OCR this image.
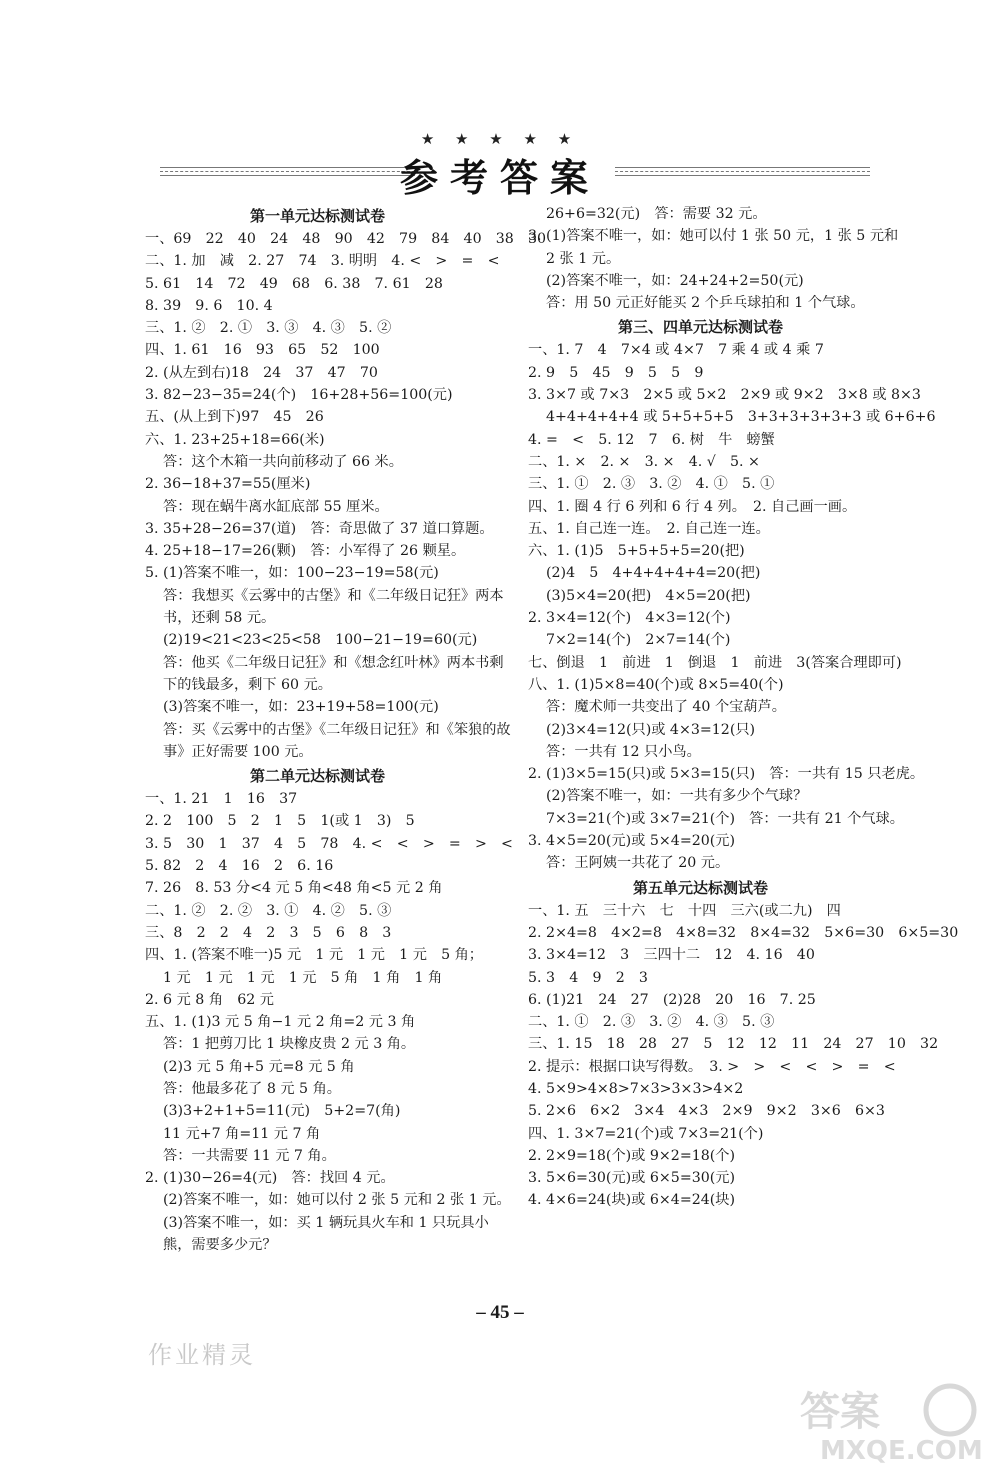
★ ★ ★ ★ ★
参考答案
第一单元达标测试卷
一、69　22　40　24　48　90　42　79　84　40　38　30
二、1. 加　减　2. 27　74　3. 明明　4. <　>　=　<
5. 61　14　72　49　68　6. 38　7. 61　28
8. 39　9. 6　10. 4
三、1. ②　2. ①　3. ③　4. ③　5. ②
四、1. 61　16　93　65　52　100
2. (从左到右)18　24　37　47　70
3. 82−23−35=24(个)　16+28+56=100(元)
五、(从上到下)97　45　26
六、1. 23+25+18=66(米)
答：这个木箱一共向前移动了 66 米。
2. 36−18+37=55(厘米)
答：现在蜗牛离水缸底部 55 厘米。
3. 35+28−26=37(道)　答：奇思做了 37 道口算题。
4. 25+18−17=26(颗)　答：小军得了 26 颗星。
5. (1)答案不唯一，如：100−23−19=58(元)
答：我想买《云雾中的古堡》和《二年级日记狂》两本
书，还剩 58 元。
(2)19<21<23<25<58　100−21−19=60(元)
答：他买《二年级日记狂》和《想念红叶林》两本书剩
下的钱最多，剩下 60 元。
(3)答案不唯一，如：23+19+58=100(元)
答：买《云雾中的古堡》《二年级日记狂》和《笨狼的故
事》正好需要 100 元。
第二单元达标测试卷
一、1. 21　1　16　37
2. 2　100　5　2　1　5　1(或 1　3)　5
3. 5　30　1　37　4　5　78　4. <　<　>　=　>　<
5. 82　2　4　16　2　6. 16
7. 26　8. 53 分<4 元 5 角<48 角<5 元 2 角
二、1. ②　2. ②　3. ①　4. ②　5. ③
三、8　2　2　4　2　3　5　6　8　3
四、1. (答案不唯一)5 元　1 元　1 元　1 元　5 角；
1 元　1 元　1 元　1 元　5 角　1 角　1 角
2. 6 元 8 角　62 元
五、1. (1)3 元 5 角−1 元 2 角=2 元 3 角
答：1 把剪刀比 1 块橡皮贵 2 元 3 角。
(2)3 元 5 角+5 元=8 元 5 角
答：他最多花了 8 元 5 角。
(3)3+2+1+5=11(元)　5+2=7(角)
11 元+7 角=11 元 7 角
答：一共需要 11 元 7 角。
2. (1)30−26=4(元)　答：找回 4 元。
(2)答案不唯一，如：她可以付 2 张 5 元和 2 张 1 元。
(3)答案不唯一，如：买 1 辆玩具火车和 1 只玩具小
熊，需要多少元？
26+6=32(元)　答：需要 32 元。
3. (1)答案不唯一，如：她可以付 1 张 50 元，1 张 5 元和
2 张 1 元。
(2)答案不唯一，如：24+24+2=50(元)
答：用 50 元正好能买 2 个乒乓球拍和 1 个气球。
第三、四单元达标测试卷
一、1. 7　4　7×4 或 4×7　7 乘 4 或 4 乘 7
2. 9　5　45　9　5　5　9
3. 3×7 或 7×3　2×5 或 5×2　2×9 或 9×2　3×8 或 8×3
4+4+4+4+4 或 5+5+5+5　3+3+3+3+3+3 或 6+6+6
4. =　<　5. 12　7　6. 树　牛　螃蟹
二、1. ×　2. ×　3. ×　4. √　5. ×
三、1. ①　2. ③　3. ②　4. ①　5. ①
四、1. 圈 4 行 6 列和 6 行 4 列。　2. 自己画一画。
五、1. 自己连一连。　2. 自己连一连。
六、1. (1)5　5+5+5+5=20(把)
(2)4　5　4+4+4+4+4=20(把)
(3)5×4=20(把)　4×5=20(把)
2. 3×4=12(个)　4×3=12(个)
7×2=14(个)　2×7=14(个)
七、倒退　1　前进　1　倒退　1　前进　3(答案合理即可)
八、1. (1)5×8=40(个)或 8×5=40(个)
答：魔术师一共变出了 40 个宝葫芦。
(2)3×4=12(只)或 4×3=12(只)
答：一共有 12 只小鸟。
2. (1)3×5=15(只)或 5×3=15(只)　答：一共有 15 只老虎。
(2)答案不唯一，如：一共有多少个气球？
7×3=21(个)或 3×7=21(个)　答：一共有 21 个气球。
3. 4×5=20(元)或 5×4=20(元)
答：王阿姨一共花了 20 元。
第五单元达标测试卷
一、1. 五　三十六　七　十四　三六(或二九)　四
2. 2×4=8　4×2=8　4×8=32　8×4=32　5×6=30　6×5=30
3. 3×4=12　3　三四十二　12　4. 16　40
5. 3　4　9　2　3
6. (1)21　24　27　(2)28　20　16　7. 25
二、1. ①　2. ③　3. ②　4. ③　5. ③
三、1. 15　18　28　27　5　12　12　11　24　27　10　32
2. 提示：根据口诀写得数。　3. >　>　<　<　>　=　<
4. 5×9>4×8>7×3>3×3>4×2
5. 2×6　6×2　3×4　4×3　2×9　9×2　3×6　6×3
四、1. 3×7=21(个)或 7×3=21(个)
2. 2×9=18(个)或 9×2=18(个)
3. 5×6=30(元)或 6×5=30(元)
4. 4×6=24(块)或 6×4=24(块)
– 45 –
作业精灵
答案
MXQE.COM
